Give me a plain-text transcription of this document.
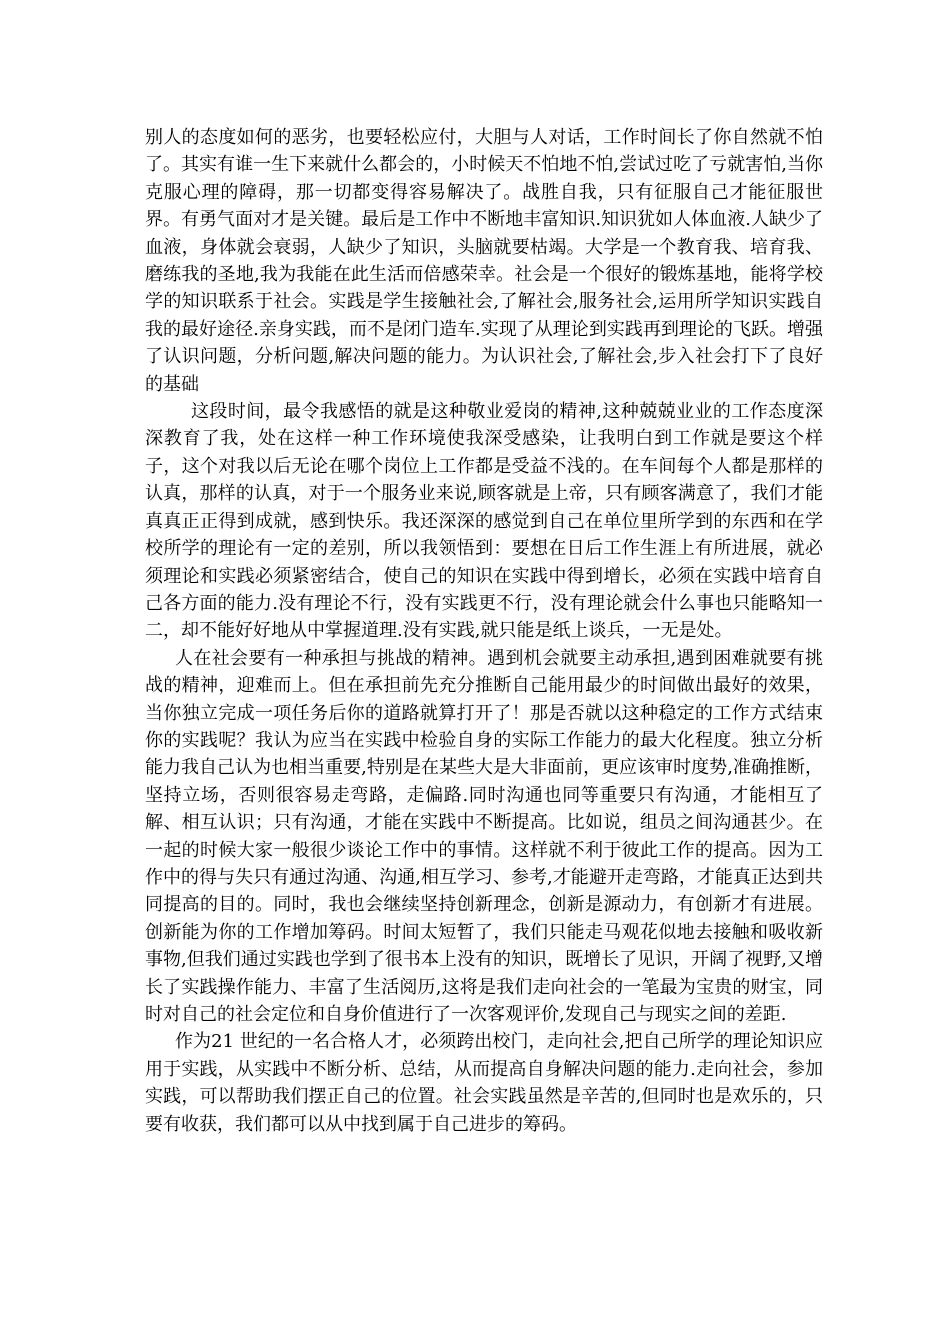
别人的态度如何的恶劣，也要轻松应付，大胆与人对话，工作时间长了你自然就不怕了。其实有谁一生下来就什么都会的，小时候天不怕地不怕,尝试过吃了亏就害怕,当你克服心理的障碍，那一切都变得容易解决了。战胜自我，只有征服自己才能征服世界。有勇气面对才是关键。最后是工作中不断地丰富知识.知识犹如人体血液.人缺少了血液，身体就会衰弱，人缺少了知识，头脑就要枯竭。大学是一个教育我、培育我、磨练我的圣地,我为我能在此生活而倍感荣幸。社会是一个很好的锻炼基地，能将学校学的知识联系于社会。实践是学生接触社会,了解社会,服务社会,运用所学知识实践自我的最好途径.亲身实践，而不是闭门造车.实现了从理论到实践再到理论的飞跃。增强了认识问题，分析问题,解决问题的能力。为认识社会,了解社会,步入社会打下了良好的基础

这段时间，最令我感悟的就是这种敬业爱岗的精神,这种兢兢业业的工作态度深深教育了我，处在这样一种工作环境使我深受感染，让我明白到工作就是要这个样子，这个对我以后无论在哪个岗位上工作都是受益不浅的。在车间每个人都是那样的认真，那样的认真，对于一个服务业来说,顾客就是上帝，只有顾客满意了，我们才能真真正正得到成就，感到快乐。我还深深的感觉到自己在单位里所学到的东西和在学校所学的理论有一定的差别，所以我领悟到：要想在日后工作生涯上有所进展，就必须理论和实践必须紧密结合，使自己的知识在实践中得到增长，必须在实践中培育自己各方面的能力.没有理论不行，没有实践更不行，没有理论就会什么事也只能略知一二，却不能好好地从中掌握道理.没有实践,就只能是纸上谈兵，一无是处。

人在社会要有一种承担与挑战的精神。遇到机会就要主动承担,遇到困难就要有挑战的精神，迎难而上。但在承担前先充分推断自己能用最少的时间做出最好的效果，当你独立完成一项任务后你的道路就算打开了！那是否就以这种稳定的工作方式结束你的实践呢？我认为应当在实践中检验自身的实际工作能力的最大化程度。独立分析能力我自己认为也相当重要,特别是在某些大是大非面前，更应该审时度势,准确推断，坚持立场，否则很容易走弯路，走偏路.同时沟通也同等重要只有沟通，才能相互了解、相互认识；只有沟通，才能在实践中不断提高。比如说，组员之间沟通甚少。在一起的时候大家一般很少谈论工作中的事情。这样就不利于彼此工作的提高。因为工作中的得与失只有通过沟通、沟通,相互学习、参考,才能避开走弯路，才能真正达到共同提高的目的。同时，我也会继续坚持创新理念，创新是源动力，有创新才有进展。创新能为你的工作增加筹码。时间太短暂了，我们只能走马观花似地去接触和吸收新事物,但我们通过实践也学到了很书本上没有的知识，既增长了见识，开阔了视野,又增长了实践操作能力、丰富了生活阅历,这将是我们走向社会的一笔最为宝贵的财宝，同时对自己的社会定位和自身价值进行了一次客观评价,发现自己与现实之间的差距.

作为21 世纪的一名合格人才，必须跨出校门，走向社会,把自己所学的理论知识应用于实践，从实践中不断分析、总结，从而提高自身解决问题的能力.走向社会，参加实践，可以帮助我们摆正自己的位置。社会实践虽然是辛苦的,但同时也是欢乐的，只要有收获，我们都可以从中找到属于自己进步的筹码。
